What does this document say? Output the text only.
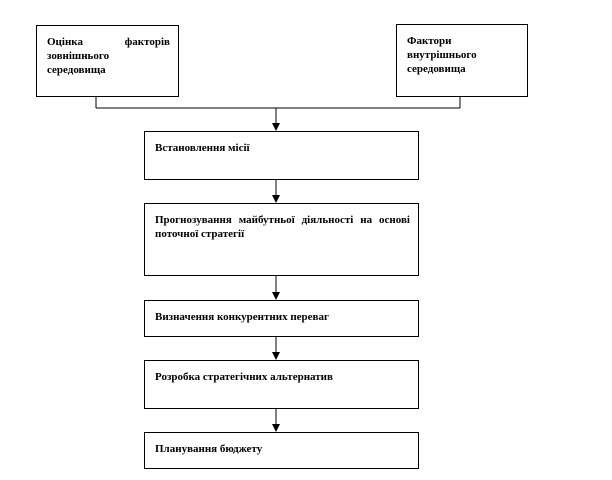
Оцінка факторів зовнішнього середовища
Фактори внутрішнього середовища
Встановлення місії
Прогнозування майбутньої діяльності на основі поточної стратегії
Визначення конкурентних переваг
Розробка стратегічних альтернатив
Планування бюджету
